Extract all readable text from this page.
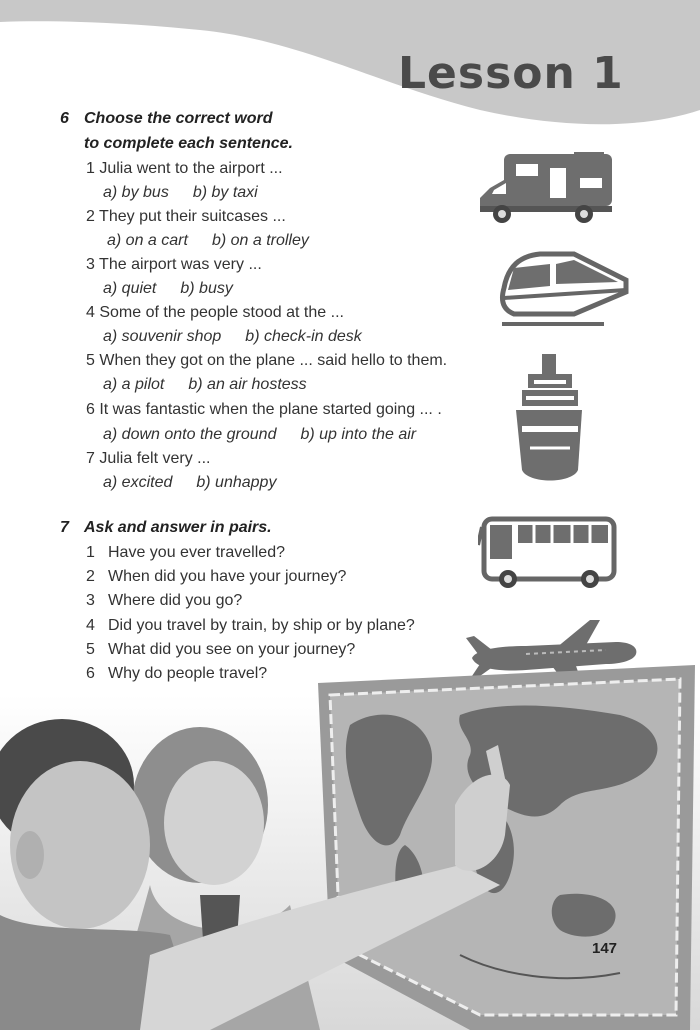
Lesson 1
6 Choose the correct word
to complete each sentence.
1 Julia went to the airport ...
a) by bus b) by taxi
2 They put their suitcases ...
a) on a cart b) on a trolley
3 The airport was very ...
a) quiet b) busy
4 Some of the people stood at the ...
a) souvenir shop b) check-in desk
5 When they got on the plane ... said hello to them.
a) a pilot b) an air hostess
6 It was fantastic when the plane started going ... .
a) down onto the ground b) up into the air
7 Julia felt very ...
a) excited b) unhappy
7 Ask and answer in pairs.
1 Have you ever travelled?
2 When did you have your journey?
3 Where did you go?
4 Did you travel by train, by ship or by plane?
5 What did you see on your journey?
6 Why do people travel?
147
